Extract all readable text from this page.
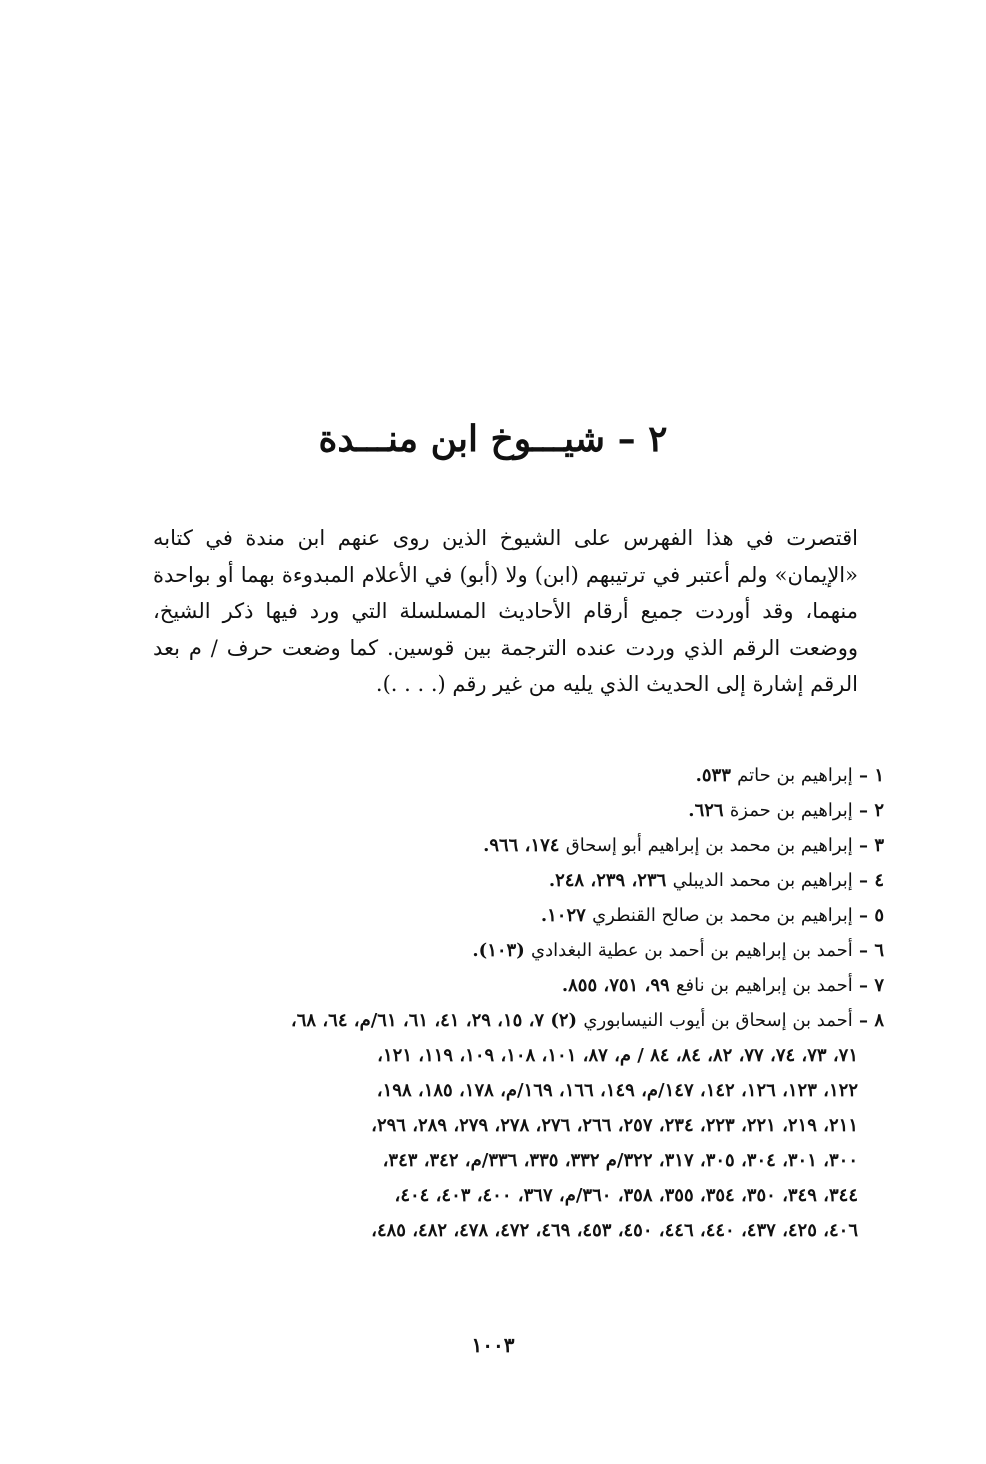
٢ – شيـــوخ ابن منـــدة

اقتصرت في هذا الفهرس على الشيوخ الذين روى عنهم ابن مندة في كتابه «الإيمان» ولم أعتبر في ترتيبهم (ابن) ولا (أبو) في الأعلام المبدوءة بهما أو بواحدة منهما، وقد أوردت جميع أرقام الأحاديث المسلسلة التي ورد فيها ذكر الشيخ، ووضعت الرقم الذي وردت عنده الترجمة بين قوسين. كما وضعت حرف / م بعد الرقم إشارة إلى الحديث الذي يليه من غير رقم (. . . .).

١ – إبراهيم بن حاتم ٥٣٣.
٢ – إبراهيم بن حمزة ٦٢٦.
٣ – إبراهيم بن محمد بن إبراهيم أبو إسحاق ١٧٤، ٩٦٦.
٤ – إبراهيم بن محمد الديبلي ٢٣٦، ٢٣٩، ٢٤٨.
٥ – إبراهيم بن محمد بن صالح القنطري ١٠٢٧.
٦ – أحمد بن إبراهيم بن أحمد بن عطية البغدادي (١٠٣).
٧ – أحمد بن إبراهيم بن نافع ٩٩، ٧٥١، ٨٥٥.
٨ – أحمد بن إسحاق بن أيوب النيسابوري (٢) ٧، ١٥، ٢٩، ٤١، ٦١، ٦١/م، ٦٤، ٦٨،
٧١، ٧٣، ٧٤، ٧٧، ٨٢، ٨٤، ٨٤ / م، ٨٧، ١٠١، ١٠٨، ١٠٩، ١١٩، ١٢١،
١٢٢، ١٢٣، ١٢٦، ١٤٢، ١٤٧/م، ١٤٩، ١٦٦، ١٦٩/م، ١٧٨، ١٨٥، ١٩٨،
٢١١، ٢١٩، ٢٢١، ٢٢٣، ٢٣٤، ٢٥٧، ٢٦٦، ٢٧٦، ٢٧٨، ٢٧٩، ٢٨٩، ٢٩٦،
٣٠٠، ٣٠١، ٣٠٤، ٣٠٥، ٣١٧، ٣٢٢/م ٣٣٢، ٣٣٥، ٣٣٦/م، ٣٤٢، ٣٤٣،
٣٤٤، ٣٤٩، ٣٥٠، ٣٥٤، ٣٥٥، ٣٥٨، ٣٦٠/م، ٣٦٧، ٤٠٠، ٤٠٣، ٤٠٤،
٤٠٦، ٤٢٥، ٤٣٧، ٤٤٠، ٤٤٦، ٤٥٠، ٤٥٣، ٤٦٩، ٤٧٢، ٤٧٨، ٤٨٢، ٤٨٥،

١٠٠٣
